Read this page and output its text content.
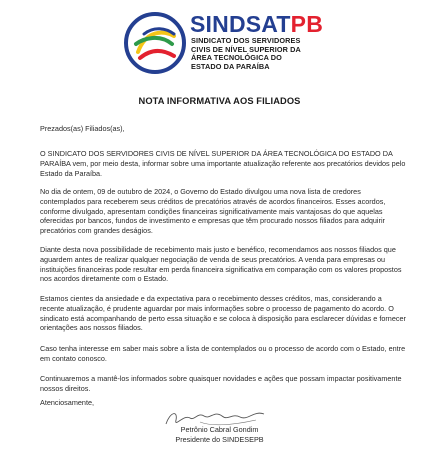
SINDSATPB
SINDICATO DOS SERVIDORES
CIVIS DE NÍVEL SUPERIOR DA
ÁREA TECNOLÓGICA DO
ESTADO DA PARAÍBA
NOTA INFORMATIVA AOS FILIADOS
Prezados(as) Filiados(as),

O SINDICATO DOS SERVIDORES CIVIS DE NÍVEL SUPERIOR DA ÁREA TECNOLÓGICA DO ESTADO DA PARAÍBA vem, por meio desta, informar sobre uma importante atualização referente aos precatórios devidos pelo Estado da Paraíba.

No dia de ontem, 09 de outubro de 2024, o Governo do Estado divulgou uma nova lista de credores contemplados para receberem seus créditos de precatórios através de acordos financeiros. Esses acordos, conforme divulgado, apresentam condições financeiras significativamente mais vantajosas do que aquelas oferecidas por bancos, fundos de investimento e empresas que têm procurado nossos filiados para adquirir precatórios com grandes deságios.

Diante desta nova possibilidade de recebimento mais justo e benéfico, recomendamos aos nossos filiados que aguardem antes de realizar qualquer negociação de venda de seus precatórios. A venda para empresas ou instituições financeiras pode resultar em perda financeira significativa em comparação com os valores propostos nos acordos diretamente com o Estado.

Estamos cientes da ansiedade e da expectativa para o recebimento desses créditos, mas, considerando a recente atualização, é prudente aguardar por mais informações sobre o processo de pagamento do acordo. O sindicato está acompanhando de perto essa situação e se coloca à disposição para esclarecer dúvidas e fornecer orientações aos nossos filiados.

Caso tenha interesse em saber mais sobre a lista de contemplados ou o processo de acordo com o Estado, entre em contato conosco.

Continuaremos a mantê-los informados sobre quaisquer novidades e ações que possam impactar positivamente nossos direitos.

Atenciosamente,
Petrônio Cabral Gondim
Presidente do SINDESEPB
